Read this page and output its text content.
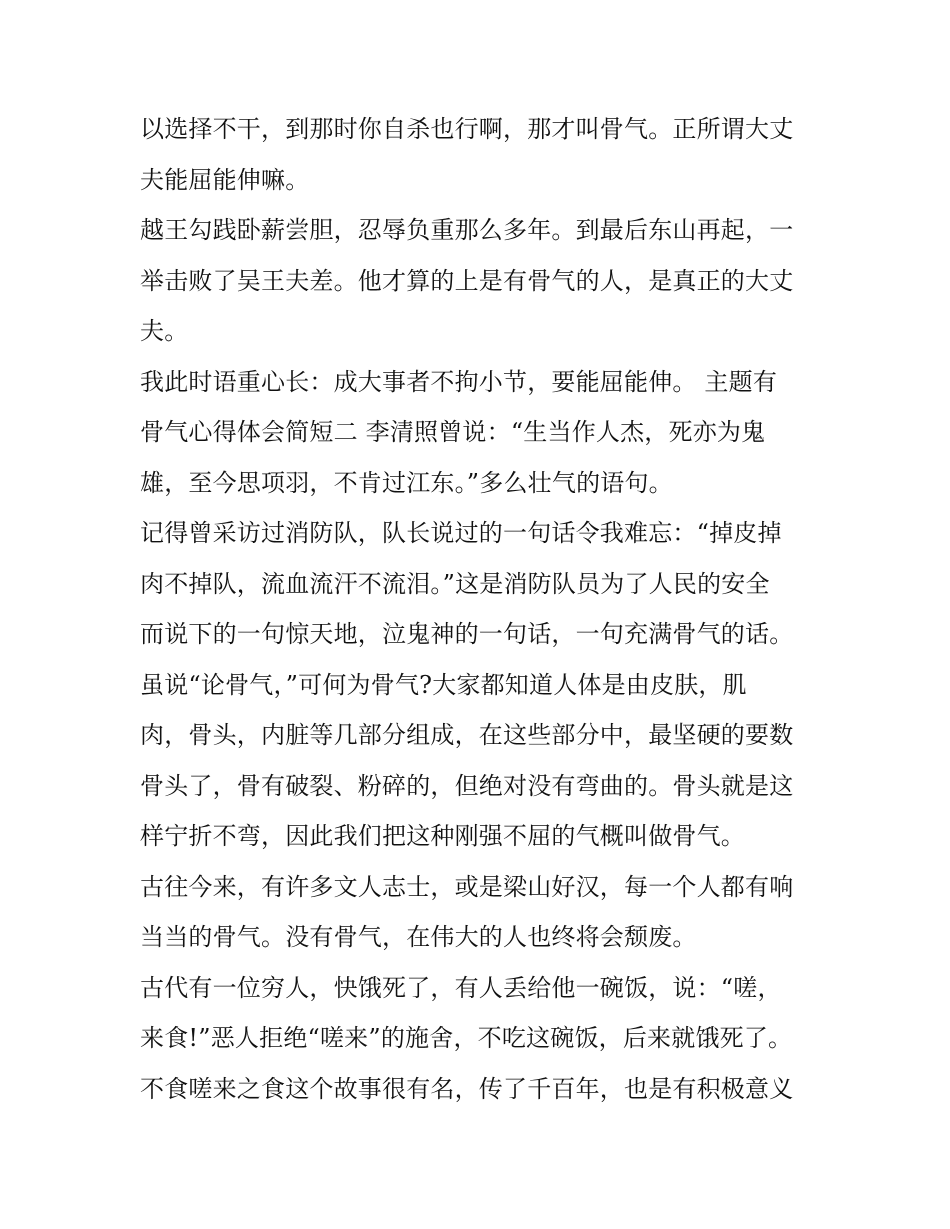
以选择不干，到那时你自杀也行啊，那才叫骨气。正所谓大丈
夫能屈能伸嘛。
越王勾践卧薪尝胆，忍辱负重那么多年。到最后东山再起，一
举击败了吴王夫差。他才算的上是有骨气的人，是真正的大丈
夫。
我此时语重心长：成大事者不拘小节，要能屈能伸。 主题有
骨气心得体会简短二 李清照曾说：“生当作人杰，死亦为鬼
雄，至今思项羽，不肯过江东。”多么壮气的语句。
记得曾采访过消防队，队长说过的一句话令我难忘：“掉皮掉
肉不掉队，流血流汗不流泪。”这是消防队员为了人民的安全
而说下的一句惊天地，泣鬼神的一句话，一句充满骨气的话。
虽说“论骨气，”可何为骨气?大家都知道人体是由皮肤，肌
肉，骨头，内脏等几部分组成，在这些部分中，最坚硬的要数
骨头了，骨有破裂、粉碎的，但绝对没有弯曲的。骨头就是这
样宁折不弯，因此我们把这种刚强不屈的气概叫做骨气。
古往今来，有许多文人志士，或是梁山好汉，每一个人都有响
当当的骨气。没有骨气，在伟大的人也终将会颓废。
古代有一位穷人，快饿死了，有人丢给他一碗饭，说：“嗟，
来食!”恶人拒绝“嗟来”的施舍，不吃这碗饭，后来就饿死了。
不食嗟来之食这个故事很有名，传了千百年，也是有积极意义
